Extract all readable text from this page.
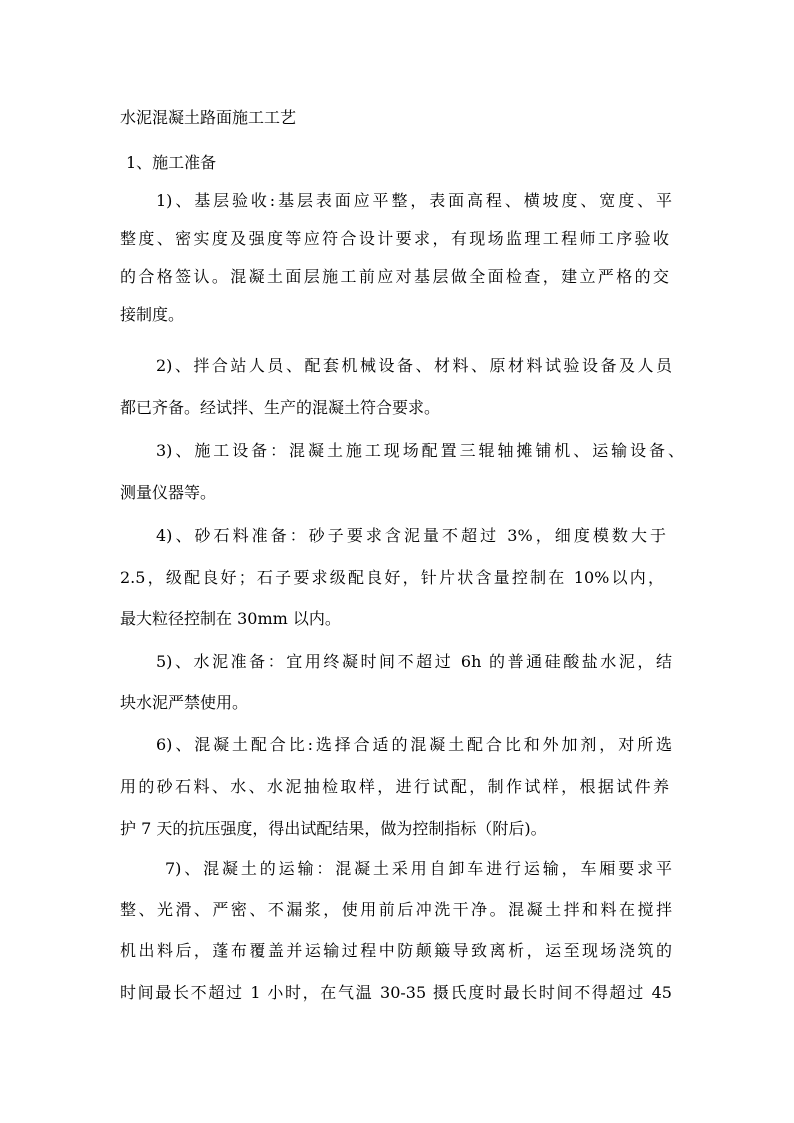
水泥混凝土路面施工工艺
1、施工准备
1)、基层验收:基层表面应平整，表面高程、横坡度、宽度、平
整度、密实度及强度等应符合设计要求，有现场监理工程师工序验收
的合格签认。混凝土面层施工前应对基层做全面检查，建立严格的交
接制度。
2)、拌合站人员、配套机械设备、材料、原材料试验设备及人员
都已齐备。经试拌、生产的混凝土符合要求。
3)、施工设备：混凝土施工现场配置三辊轴摊铺机、运输设备、
测量仪器等。
4)、砂石料准备：砂子要求含泥量不超过 3%，细度模数大于
2.5，级配良好；石子要求级配良好，针片状含量控制在 10%以内，
最大粒径控制在 30mm 以内。
5)、水泥准备：宜用终凝时间不超过 6h 的普通硅酸盐水泥，结
块水泥严禁使用。
6)、混凝土配合比:选择合适的混凝土配合比和外加剂，对所选
用的砂石料、水、水泥抽检取样，进行试配，制作试样，根据试件养
护 7 天的抗压强度，得出试配结果，做为控制指标（附后)。
7)、混凝土的运输：混凝土采用自卸车进行运输，车厢要求平
整、光滑、严密、不漏浆，使用前后冲洗干净。混凝土拌和料在搅拌
机出料后，蓬布覆盖并运输过程中防颠簸导致离析，运至现场浇筑的
时间最长不超过 1 小时，在气温 30-35 摄氏度时最长时间不得超过 45
